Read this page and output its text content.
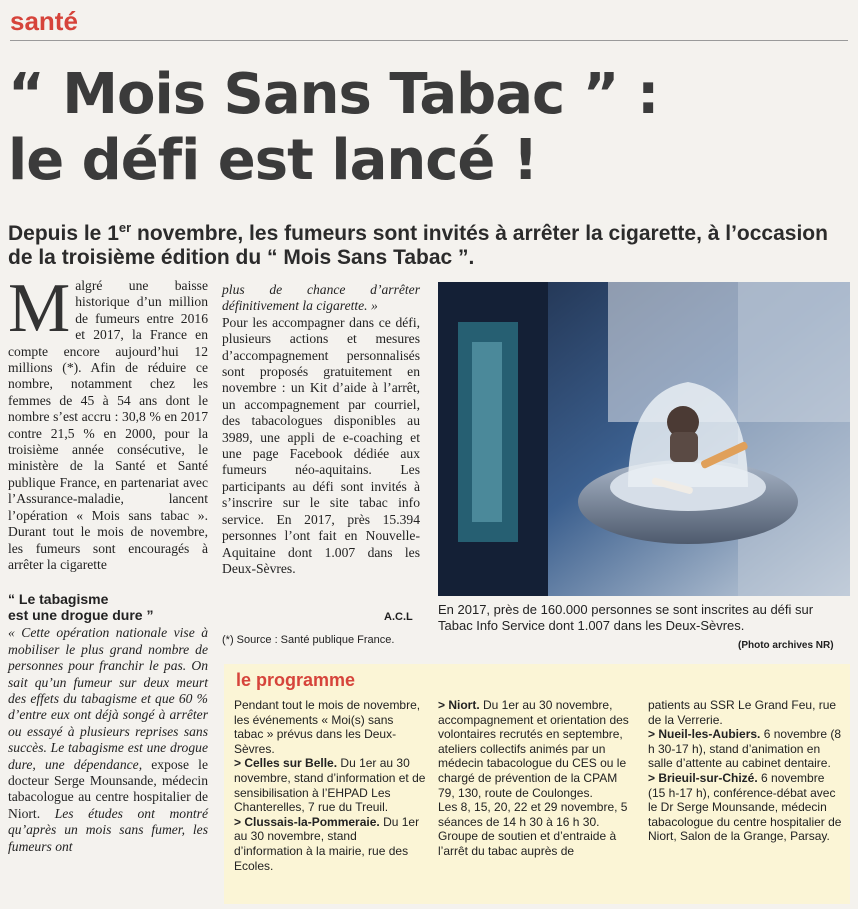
santé
“ Mois Sans Tabac ” :
le défi est lancé !

Depuis le 1er novembre, les fumeurs sont invités à arrêter la cigarette, à l’occasion de la troisième édition du “ Mois Sans Tabac ”.

M algré une baisse historique d’un million de fumeurs entre 2016 et 2017, la France en compte encore aujourd’hui 12 millions (*). Afin de réduire ce nombre, notamment chez les femmes de 45 à 54 ans dont le nombre s’est accru : 30,8 % en 2017 contre 21,5 % en 2000, pour la troisième année consécutive, le ministère de la Santé et Santé publique France, en partenariat avec l’Assurance-maladie, lancent l’opération « Mois sans tabac ». Durant tout le mois de novembre, les fumeurs sont encouragés à arrêter la cigarette
“ Le tabagisme
est une drogue dure ”

« Cette opération nationale vise à mobiliser le plus grand nombre de personnes pour franchir le pas. On sait qu’un fumeur sur deux meurt des effets du tabagisme et que 60 % d’entre eux ont déjà songé à arrêter ou essayé à plusieurs reprises sans succès. Le tabagisme est une drogue dure, une dépendance, expose le docteur Serge Mounsande, médecin tabacologue au centre hospitalier de Niort. Les études ont montré qu’après un mois sans fumer, les fumeurs ont

plus de chance d’arrêter définitivement la cigarette. »

Pour les accompagner dans ce défi, plusieurs actions et mesures d’accompagnement personnalisés sont proposés gratuitement en novembre : un Kit d’aide à l’arrêt, un accompagnement par courriel, des tabacologues disponibles au 3989, une appli de e-coaching et une page Facebook dédiée aux fumeurs néo-aquitains. Les participants au défi sont invités à s’inscrire sur le site tabac info service. En 2017, près 15.394 personnes l’ont fait en Nouvelle-Aquitaine dont 1.007 dans les Deux-Sèvres.

A.C.L
(*) Source : Santé publique France.
En 2017, près de 160.000 personnes se sont inscrites au défi sur Tabac Info Service dont 1.007 dans les Deux-Sèvres.
(Photo archives NR)
le programme

Pendant tout le mois de novembre, les événements « Moi(s) sans tabac » prévus dans les Deux-Sèvres.

> Celles sur Belle. Du 1er au 30 novembre, stand d’information et de sensibilisation à l’EHPAD Les Chanterelles, 7 rue du Treuil.

> Clussais-la-Pommeraie. Du 1er au 30 novembre, stand d’information à la mairie, rue des Ecoles.

> Niort. Du 1er au 30 novembre, accompagnement et orientation des volontaires recrutés en septembre, ateliers collectifs animés par un médecin tabacologue du CES ou le chargé de prévention de la CPAM 79, 130, route de Coulonges.

Les 8, 15, 20, 22 et 29 novembre, 5 séances de 14 h 30 à 16 h 30. Groupe de soutien et d’entraide à l’arrêt du tabac auprès de

patients au SSR Le Grand Feu, rue de la Verrerie.

> Nueil-les-Aubiers. 6 novembre (8 h 30-17 h), stand d’animation en salle d’attente au cabinet dentaire.

> Brieuil-sur-Chizé. 6 novembre (15 h-17 h), conférence-débat avec le Dr Serge Mounsande, médecin tabacologue du centre hospitalier de Niort, Salon de la Grange, Parsay.
